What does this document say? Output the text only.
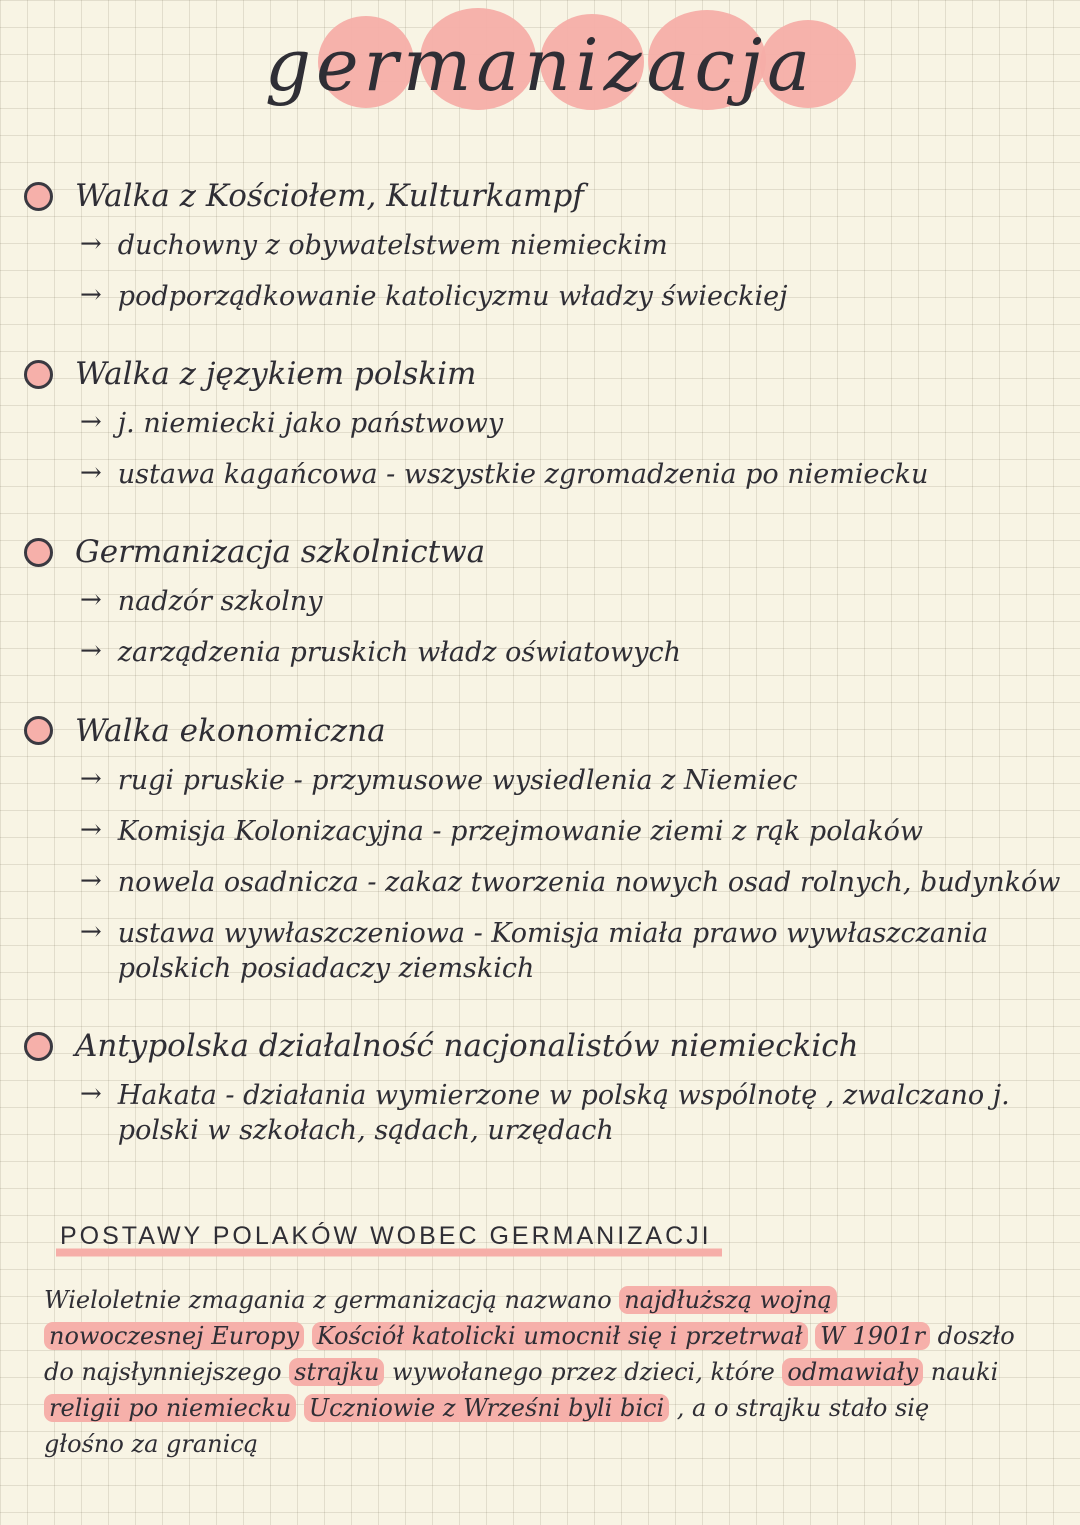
germanizacja
Walka z Kościołem, Kulturkampf
→ duchowny z obywatelstwem niemieckim
→ podporządkowanie katolicyzmu władzy świeckiej
Walka z językiem polskim
→ j. niemiecki jako państwowy
→ ustawa kagańcowa - wszystkie zgromadzenia po niemiecku
Germanizacja szkolnictwa
→ nadzór szkolny
→ zarządzenia pruskich władz oświatowych
Walka ekonomiczna
→ rugi pruskie - przymusowe wysiedlenia z Niemiec
→ Komisja Kolonizacyjna - przejmowanie ziemi z rąk polaków
→ nowela osadnicza - zakaz tworzenia nowych osad rolnych, budynków
→ ustawa wywłaszczeniowa - Komisja miała prawo wywłaszczania polskich posiadaczy ziemskich
Antypolska działalność nacjonalistów niemieckich
→ Hakata - działania wymierzone w polską wspólnotę , zwalczano j. polski w szkołach, sądach, urzędach
POSTAWY POLAKÓW WOBEC GERMANIZACJI
Wieloletnie zmagania z germanizacją nazwano najdłuższą wojną
nowoczesnej Europy Kościół katolicki umocnił się i przetrwał W 1901r doszło
do najsłynniejszego strajku wywołanego przez dzieci, które odmawiały nauki
religii po niemiecku Uczniowie z Wrześni byli bici , a o strajku stało się
głośno za granicą
